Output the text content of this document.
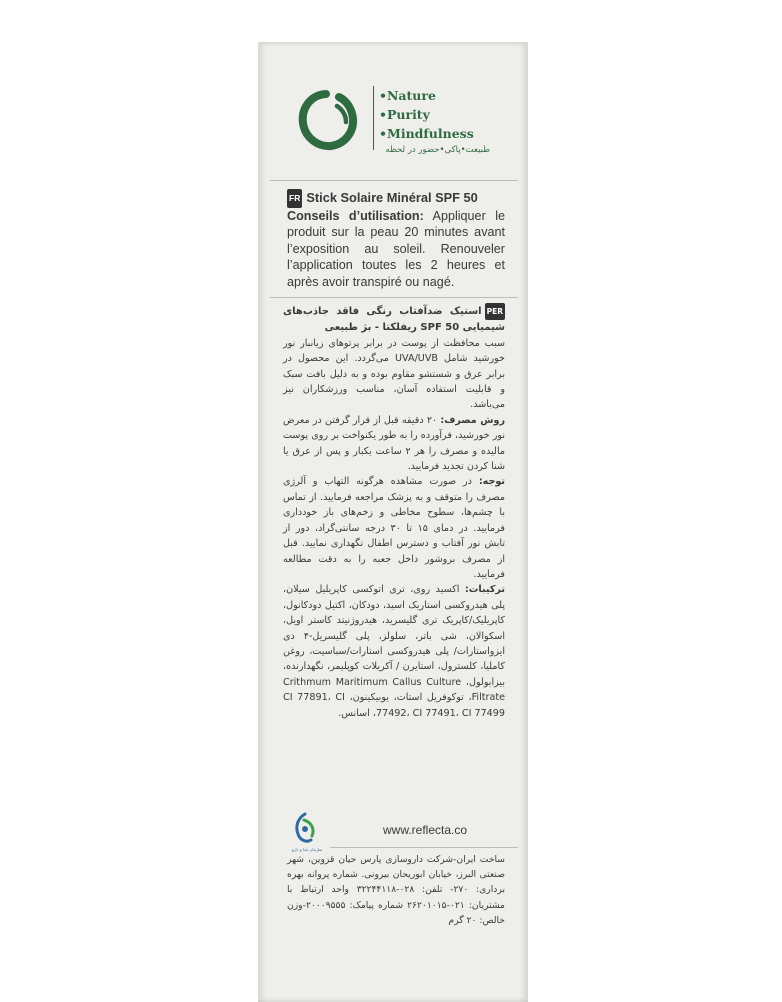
•Nature
•Purity
•Mindfulness
طبیعت•پاکی•حضور در لحظه
FR Stick Solaire Minéral SPF 50
Conseils d’utilisation: Appliquer le produit sur la peau 20 minutes avant l’exposition au soleil. Renouveler l’application toutes les 2 heures et après avoir transpiré ou nagé.

PERاستیک ضدآفتاب رنگی فاقد جاذب‌های شیمیایی SPF 50 ریفلکتا - بژ طبیعی

سبب محافظت از پوست در برابر پرتوهای زیانبار نور خورشید شامل UVA/UVB می‌گردد. این محصول در برابر عرق و شستشو مقاوم بوده و به دلیل بافت سبک و قابلیت استفاده آسان، مناسب ورزشکاران نیز می‌باشد.

روش مصرف: ۲۰ دقیقه قبل از قرار گرفتن در معرض نور خورشید، فرآورده را به طور یکنواخت بر روی پوست مالیده و مصرف را هر ۲ ساعت یکبار و پس از عرق یا شنا کردن تجدید فرمایید.

توجه: در صورت مشاهده هرگونه التهاب و آلرژی مصرف را متوقف و به پزشک مراجعه فرمایید. از تماس با چشم‌ها، سطوح مخاطی و زخم‌های باز خودداری فرمایید. در دمای ۱۵ تا ۳۰ درجه سانتی‌گراد، دور از تابش نور آفتاب و دسترس اطفال نگهداری نمایید. قبل از مصرف بروشور داخل جعبه را به دقت مطالعه فرمایید.

ترکیبات: اکسید روی، تری اتوکسی کاپریلیل سیلان، پلی هیدروکسی استاریک اسید، دودکان، اکتیل دودکانول، کاپریلیک/کاپریک تری گلیسرید، هیدروژنیتد کاستر اویل، اسکوالان، شی باتر، سلولز، پلی گلیسریل-۴ دی ایزواستارات/ پلی هیدروکسی استارات/سباسیت، روغن کاملیا، کلسترول، استایرن / آکریلات کوپلیمر، نگهدارنده، بیزابولول، Crithmum Maritimum Callus Culture Filtrate، توکوفریل استات، یوبیکینون، CI 77891، CI 77492، CI 77491، CI 77499، اسانس.

سازمان غذا و دارو
www.reflecta.co
ساخت ایران-شرکت داروسازی پارس حیان قزوین، شهر صنعتی البرز، خیابان ابوریحان بیرونی. شماره پروانه بهره برداری: ۲۷۰- تلفن: ۰۲۸-۳۲۲۴۴۱۱۸ واحد ارتباط با مشتریان: ۰۲۱-۲۶۲۰۱۰۱۵ شماره پیامک: ۲۰۰۰۹۵۵۵-وزن خالص: ۲۰ گرم
